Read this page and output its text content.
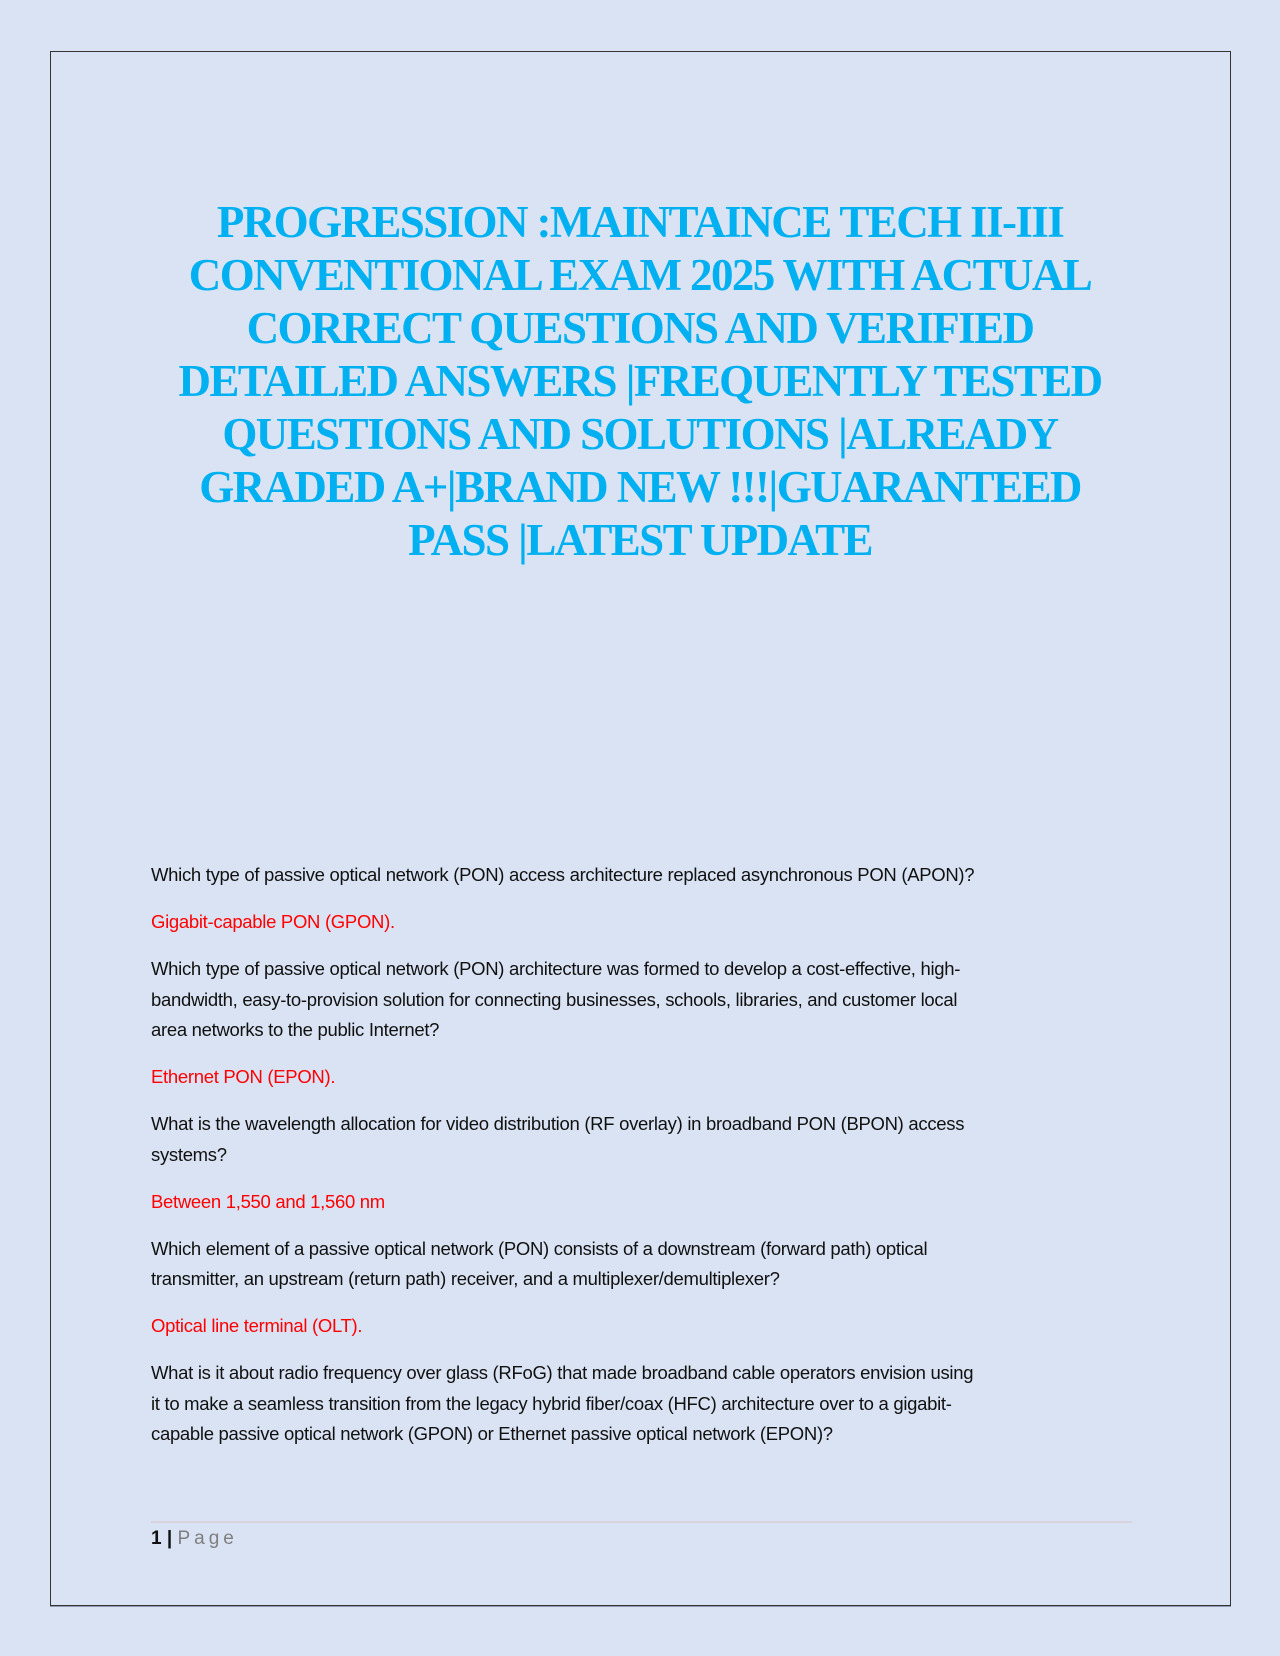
PROGRESSION :MAINTAINCE TECH II-III
CONVENTIONAL EXAM 2025 WITH ACTUAL
CORRECT QUESTIONS AND VERIFIED
DETAILED ANSWERS |FREQUENTLY TESTED
QUESTIONS AND SOLUTIONS |ALREADY
GRADED A+|BRAND NEW !!!|GUARANTEED
PASS |LATEST UPDATE
Which type of passive optical network (PON) access architecture replaced asynchronous PON (APON)?
Gigabit-capable PON (GPON).
Which type of passive optical network (PON) architecture was formed to develop a cost-effective, high-
bandwidth, easy-to-provision solution for connecting businesses, schools, libraries, and customer local
area networks to the public Internet?
Ethernet PON (EPON).
What is the wavelength allocation for video distribution (RF overlay) in broadband PON (BPON) access
systems?
Between 1,550 and 1,560 nm
Which element of a passive optical network (PON) consists of a downstream (forward path) optical
transmitter, an upstream (return path) receiver, and a multiplexer/demultiplexer?
Optical line terminal (OLT).
What is it about radio frequency over glass (RFoG) that made broadband cable operators envision using
it to make a seamless transition from the legacy hybrid fiber/coax (HFC) architecture over to a gigabit-
capable passive optical network (GPON) or Ethernet passive optical network (EPON)?
1 | Page
